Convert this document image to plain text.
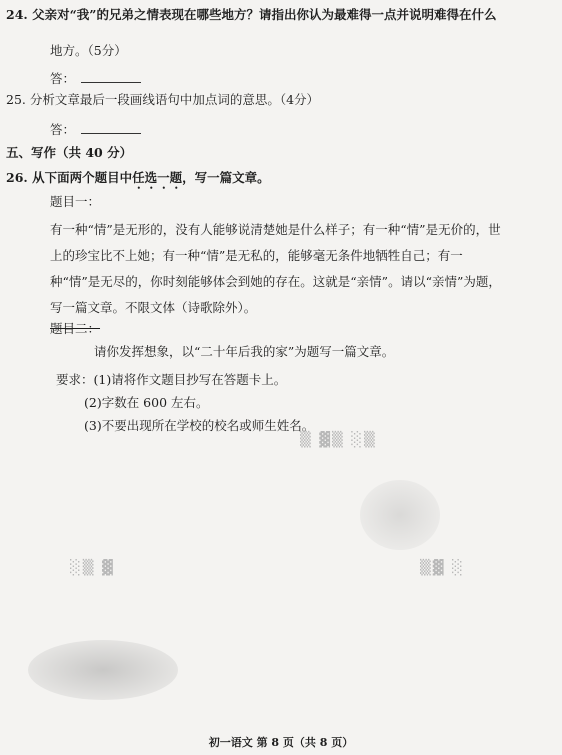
24. 父亲对“我”的兄弟之情表现在哪些地方？请指出你认为最难得一点并说明难得在什么
地方。（5分）
答：
25. 分析文章最后一段画线语句中加点词的意思。（4分）
答：
五、写作（共 40 分）
26. 从下面两个题目中任选一题，写一篇文章。
题目一：
有一种“情”是无形的，没有人能够说清楚她是什么样子；有一种“情”是无价的，世上的珍宝比不上她；有一种“情”是无私的，能够毫无条件地牺牲自己；有一种“情”是无尽的，你时刻能够体会到她的存在。这就是“亲情”。请以“亲情”为题，写一篇文章。不限文体（诗歌除外）。
题目二：
请你发挥想象，以“二十年后我的家”为题写一篇文章。
要求：(1)请将作文题目抄写在答题卡上。
(2)字数在 600 左右。
(3)不要出现所在学校的校名或师生姓名。
▒ ▓▒ ░▒
░▒ ▓	▒▓ ░
初一语文 第 8 页（共 8 页）
